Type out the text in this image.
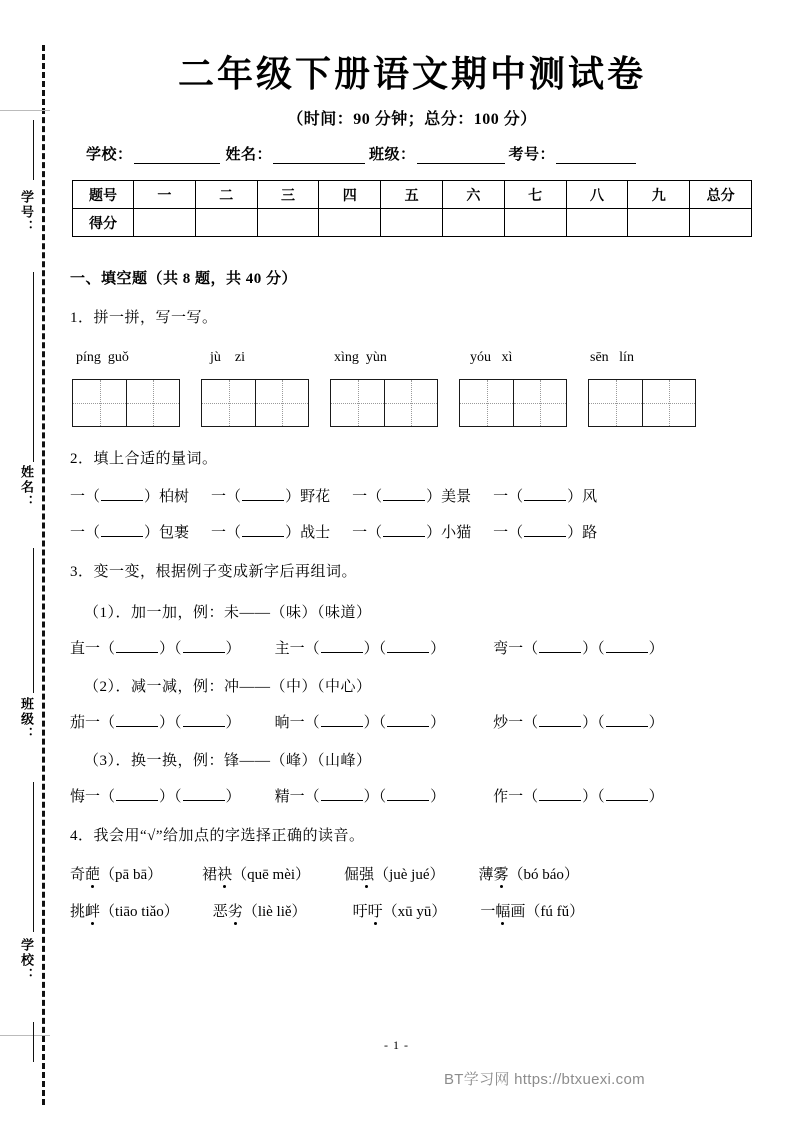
学号：
姓名：
班级：
学校：
二年级下册语文期中测试卷
（时间：90 分钟；总分：100 分）
学校：	姓名：	班级：	考号：
题号	一	二	三	四	五	六	七	八	九	总分
得分										
一、填空题（共 8 题，共 40 分）
1．拼一拼，写一写。
píng guǒ	jù zi	xìng yùn	yóu xì	sēn lín
2．填上合适的量词。
一（	）柏树 一（	）野花 一（	）美景 一（	）风
一（	）包裹 一（	）战士 一（	）小猫 一（	）路
3．变一变，根据例子变成新字后再组词。
（1）．加一加，例：未——（味）（味道）
直一（	）（	） 主一（	）（	）	弯一（	）（	）
（2）．减一减，例：冲——（中）（中心）
茄一（	）（	） 晌一（	）（	）	炒一（	）（	）
（3）．换一换，例：锋——（峰）（山峰）
悔一（	）（	） 精一（	）（	）	作一（	）（	）
4．我会用“√”给加点的字选择正确的读音。
奇葩（pā bā）	裙袂（quē mèi） 倔强（juè jué） 薄雾（bó báo）
挑衅（tiāo tiǎo） 恶劣（liè liě）	吁吁（xū yū） 一幅画（fú fǔ）
- 1 -
BT学习网 https://btxuexi.com
